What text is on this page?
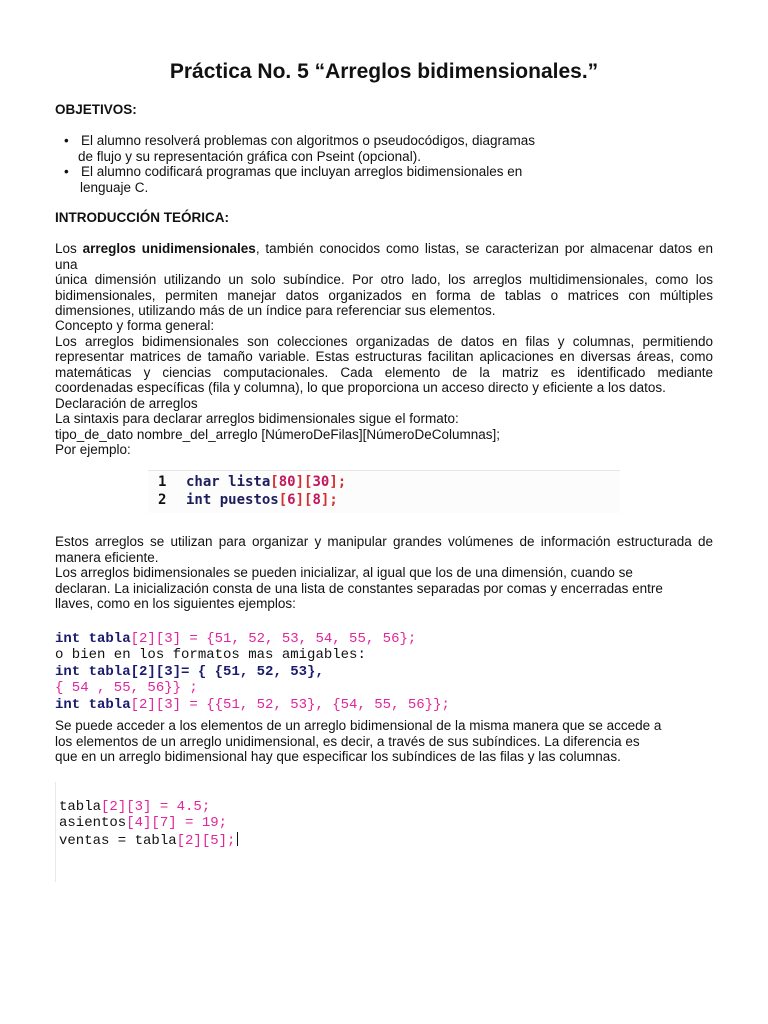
Práctica No. 5 “Arreglos bidimensionales.”
OBJETIVOS:
• El alumno resolverá problemas con algoritmos o pseudocódigos, diagramas
de flujo y su representación gráfica con Pseint (opcional).
• El alumno codificará programas que incluyan arreglos bidimensionales en
lenguaje C.
INTRODUCCIÓN TEÓRICA:
Los arreglos unidimensionales, también conocidos como listas, se caracterizan por almacenar datos en una
única dimensión utilizando un solo subíndice. Por otro lado, los arreglos multidimensionales, como los
bidimensionales, permiten manejar datos organizados en forma de tablas o matrices con múltiples
dimensiones, utilizando más de un índice para referenciar sus elementos.
Concepto y forma general:
Los arreglos bidimensionales son colecciones organizadas de datos en filas y columnas, permitiendo
representar matrices de tamaño variable. Estas estructuras facilitan aplicaciones en diversas áreas, como
matemáticas y ciencias computacionales. Cada elemento de la matriz es identificado mediante
coordenadas específicas (fila y columna), lo que proporciona un acceso directo y eficiente a los datos.
Declaración de arreglos
La sintaxis para declarar arreglos bidimensionales sigue el formato:
tipo_de_dato nombre_del_arreglo [NúmeroDeFilas][NúmeroDeColumnas];
Por ejemplo:
1 char lista[80][30];
2 int puestos[6][8];
Estos arreglos se utilizan para organizar y manipular grandes volúmenes de información estructurada de
manera eficiente.
Los arreglos bidimensionales se pueden inicializar, al igual que los de una dimensión, cuando se
declaran. La inicialización consta de una lista de constantes separadas por comas y encerradas entre
llaves, como en los siguientes ejemplos:

int tabla[2][3] = {51, 52, 53, 54, 55, 56};
o bien en los formatos mas amigables:
int tabla[2][3]= { {51, 52, 53},
{ 54 , 55, 56}} ;
int tabla[2][3] = {{51, 52, 53}, {54, 55, 56}};

Se puede acceder a los elementos de un arreglo bidimensional de la misma manera que se accede a
los elementos de un arreglo unidimensional, es decir, a través de sus subíndices. La diferencia es
que en un arreglo bidimensional hay que especificar los subíndices de las filas y las columnas.

tabla[2][3] = 4.5;
asientos[4][7] = 19;
ventas = tabla[2][5];
